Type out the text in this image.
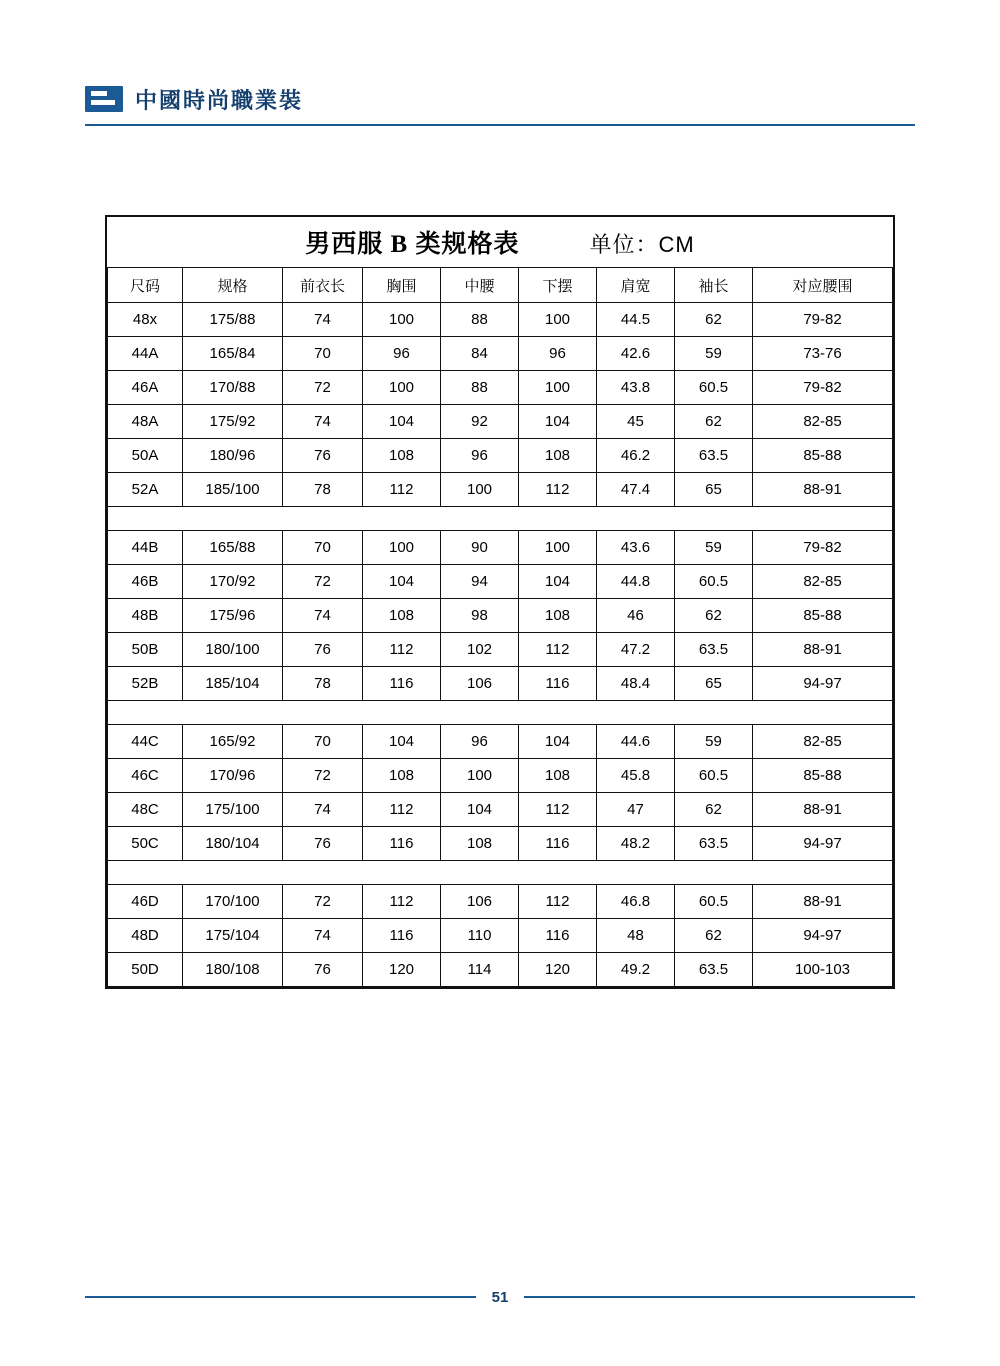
中國時尚職業裝
男西服 B 类规格表 单位：CM								

尺码	规格	前衣长	胸围	中腰	下摆	肩宽	袖长	对应腰围
48x	175/88	74	100	88	100	44.5	62	79-82
44A	165/84	70	96	84	96	42.6	59	73-76
46A	170/88	72	100	88	100	43.8	60.5	79-82
48A	175/92	74	104	92	104	45	62	82-85
50A	180/96	76	108	96	108	46.2	63.5	85-88
52A	185/100	78	112	100	112	47.4	65	88-91

44B	165/88	70	100	90	100	43.6	59	79-82
46B	170/92	72	104	94	104	44.8	60.5	82-85
48B	175/96	74	108	98	108	46	62	85-88
50B	180/100	76	112	102	112	47.2	63.5	88-91
52B	185/104	78	116	106	116	48.4	65	94-97

44C	165/92	70	104	96	104	44.6	59	82-85
46C	170/96	72	108	100	108	45.8	60.5	85-88
48C	175/100	74	112	104	112	47	62	88-91
50C	180/104	76	116	108	116	48.2	63.5	94-97

46D	170/100	72	112	106	112	46.8	60.5	88-91
48D	175/104	74	116	110	116	48	62	94-97
50D	180/108	76	120	114	120	49.2	63.5	100-103
51
